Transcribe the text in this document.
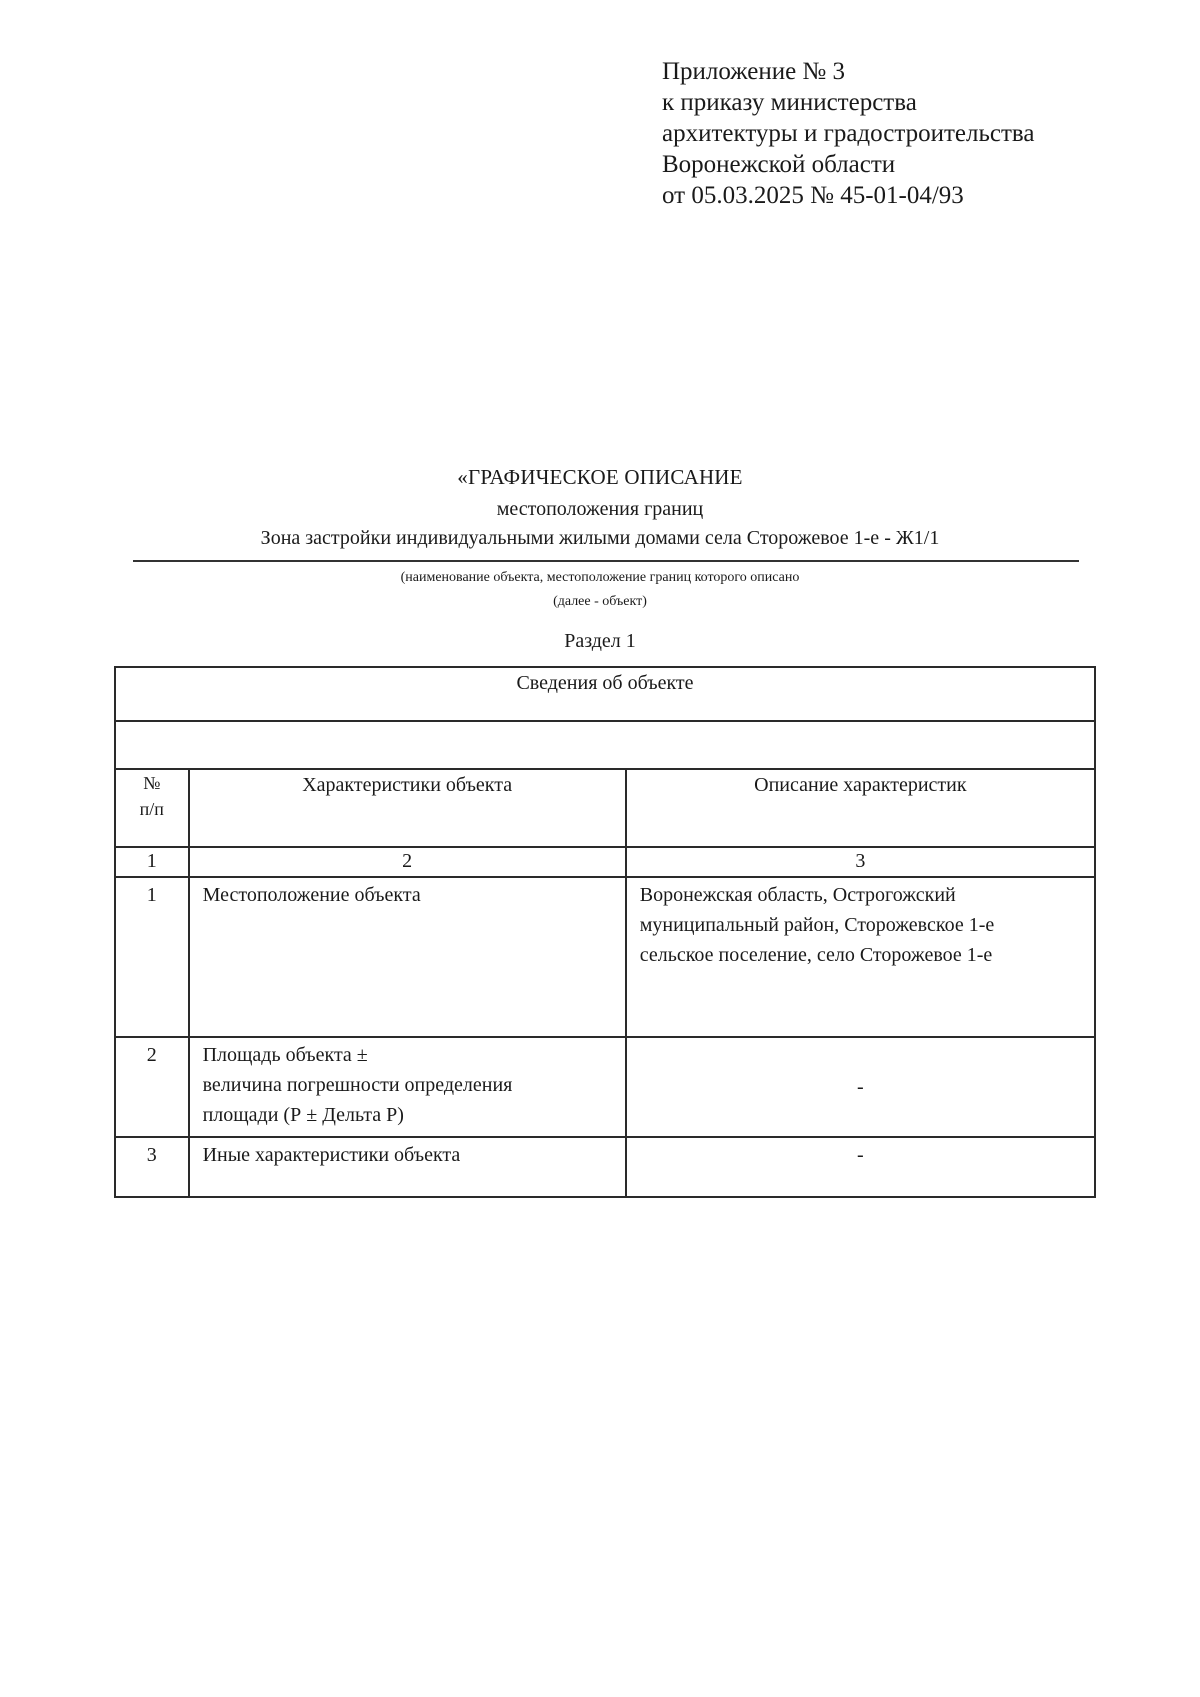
Приложение № 3
к приказу министерства
архитектуры и градостроительства
Воронежской области
от 05.03.2025 № 45-01-04/93
«ГРАФИЧЕСКОЕ ОПИСАНИЕ
местоположения границ
Зона застройки индивидуальными жилыми домами села Сторожевое 1-е - Ж1/1
(наименование объекта, местоположение границ которого описано
(далее - объект)
Раздел 1
Сведения об объекте		

№
п/п	Характеристики объекта	Описание характеристик
1	2	3
1	Местоположение объекта	Воронежская область, Острогожский
муниципальный район, Сторожевское 1-е
сельское поселение, село Сторожевое 1-е

2	Площадь объекта ±
величина погрешности определения
площади (Р ± Дельта Р)	-
3	Иные характеристики объекта	-
